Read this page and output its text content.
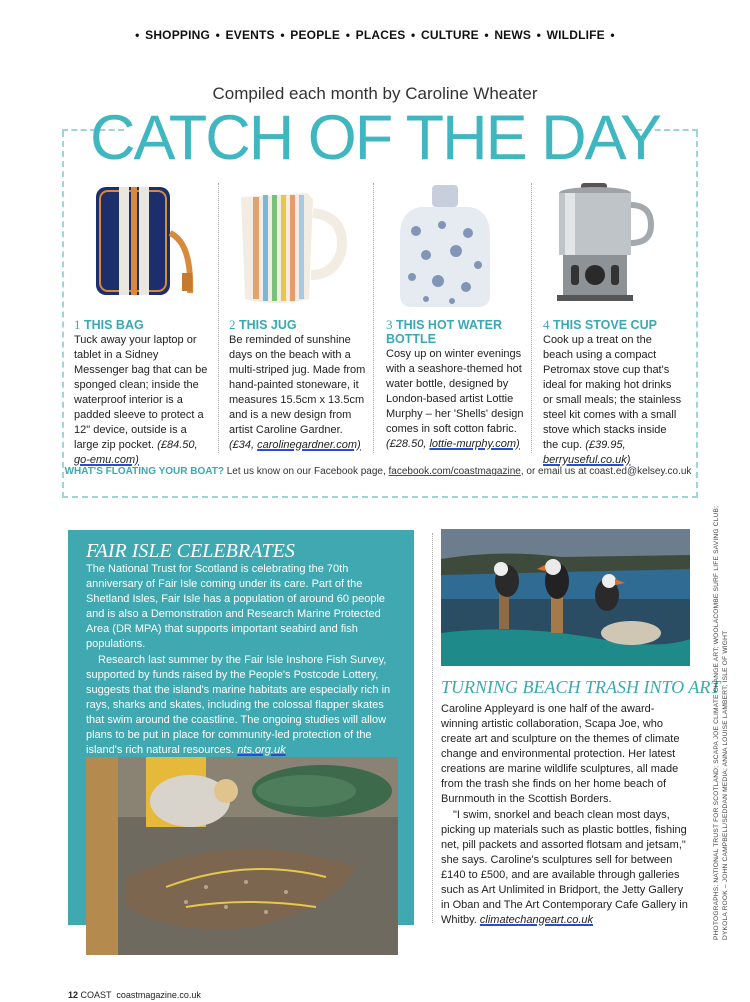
• SHOPPING • EVENTS • PEOPLE • PLACES • CULTURE • NEWS • WILDLIFE •
Compiled each month by Caroline Wheater
CATCH OF THE DAY
1 THIS BAG
Tuck away your laptop or tablet in a Sidney Messenger bag that can be sponged clean; inside the waterproof interior is a padded sleeve to protect a 12" device, outside is a large zip pocket. (£84.50, go-emu.com)
2 THIS JUG
Be reminded of sunshine days on the beach with a multi-striped jug. Made from hand-painted stoneware, it measures 15.5cm x 13.5cm and is a new design from artist Caroline Gardner. (£34, carolinegardner.com)
3 THIS HOT WATER BOTTLE
Cosy up on winter evenings with a seashore-themed hot water bottle, designed by London-based artist Lottie Murphy – her 'Shells' design comes in soft cotton fabric. (£28.50, lottie-murphy.com)
4 THIS STOVE CUP
Cook up a treat on the beach using a compact Petromax stove cup that's ideal for making hot drinks or small meals; the stainless steel kit comes with a small stove which stacks inside the cup. (£39.95, berryuseful.co.uk)
WHAT'S FLOATING YOUR BOAT? Let us know on our Facebook page, facebook.com/coastmagazine, or email us at coast.ed@kelsey.co.uk
FAIR ISLE CELEBRATES

The National Trust for Scotland is celebrating the 70th anniversary of Fair Isle coming under its care. Part of the Shetland Isles, Fair Isle has a population of around 60 people and is also a Demonstration and Research Marine Protected Area (DR MPA) that supports important seabird and fish populations.

Research last summer by the Fair Isle Inshore Fish Survey, supported by funds raised by the People's Postcode Lottery, suggests that the island's marine habitats are especially rich in rays, sharks and skates, including the colossal flapper skates that swim around the coastline. The ongoing studies will allow plans to be put in place for community-led protection of the island's rich natural resources. nts.org.uk

TURNING BEACH TRASH INTO ART

Caroline Appleyard is one half of the award-winning artistic collaboration, Scapa Joe, who create art and sculpture on the themes of climate change and environmental protection. Her latest creations are marine wildlife sculptures, all made from the trash she finds on her home beach of Burnmouth in the Scottish Borders.

"I swim, snorkel and beach clean most days, picking up materials such as plastic bottles, fishing net, pill packets and assorted flotsam and jetsam," she says. Caroline's sculptures sell for between £140 to £500, and are available through galleries such as Art Unlimited in Bridport, the Jetty Gallery in Oban and The Art Contemporary Cafe Gallery in Whitby. climatechangeart.co.uk	PHOTOGRAPHS: NATIONAL TRUST FOR SCOTLAND; SCAPA JOE CLIMATE CHANGE ART; WOOLACOMBE SURF LIFE SAVING CLUB; DYKOLA ROOK – JOHN CAMPBELL/SEDDAN MEDIA; ANNA LOUISE LAMBERT; ISLE OF WIGHT
12 COAST coastmagazine.co.uk
